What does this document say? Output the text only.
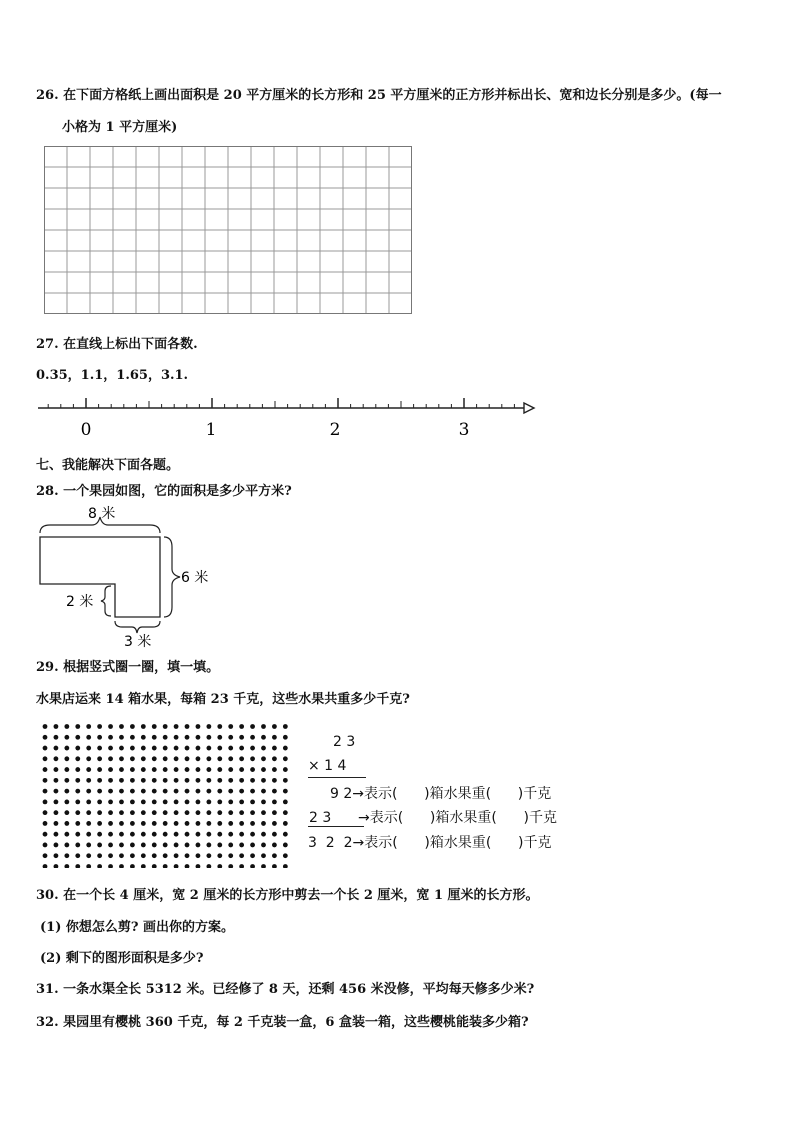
26. 在下面方格纸上画出面积是 20 平方厘米的长方形和 25 平方厘米的正方形并标出长、宽和边长分别是多少。(每一
小格为 1 平方厘米)
27. 在直线上标出下面各数.
0.35，1.1，1.65，3.1.
0	1	2	3
七、我能解决下面各题。
28. 一个果园如图，它的面积是多少平方米?
8 米
6 米
2 米
3 米
29. 根据竖式圈一圈，填一填。
水果店运来 14 箱水果，每箱 23 千克，这些水果共重多少千克?
2 3
× 1 4
9 2→表示(      )箱水果重(      )千克
2 3      →表示(      )箱水果重(      )千克
3  2  2→表示(      )箱水果重(      )千克
30. 在一个长 4 厘米，宽 2 厘米的长方形中剪去一个长 2 厘米，宽 1 厘米的长方形。
(1) 你想怎么剪? 画出你的方案。
(2) 剩下的图形面积是多少?
31. 一条水渠全长 5312 米。已经修了 8 天，还剩 456 米没修，平均每天修多少米?
32. 果园里有樱桃 360 千克，每 2 千克装一盒，6 盒装一箱，这些樱桃能装多少箱?
